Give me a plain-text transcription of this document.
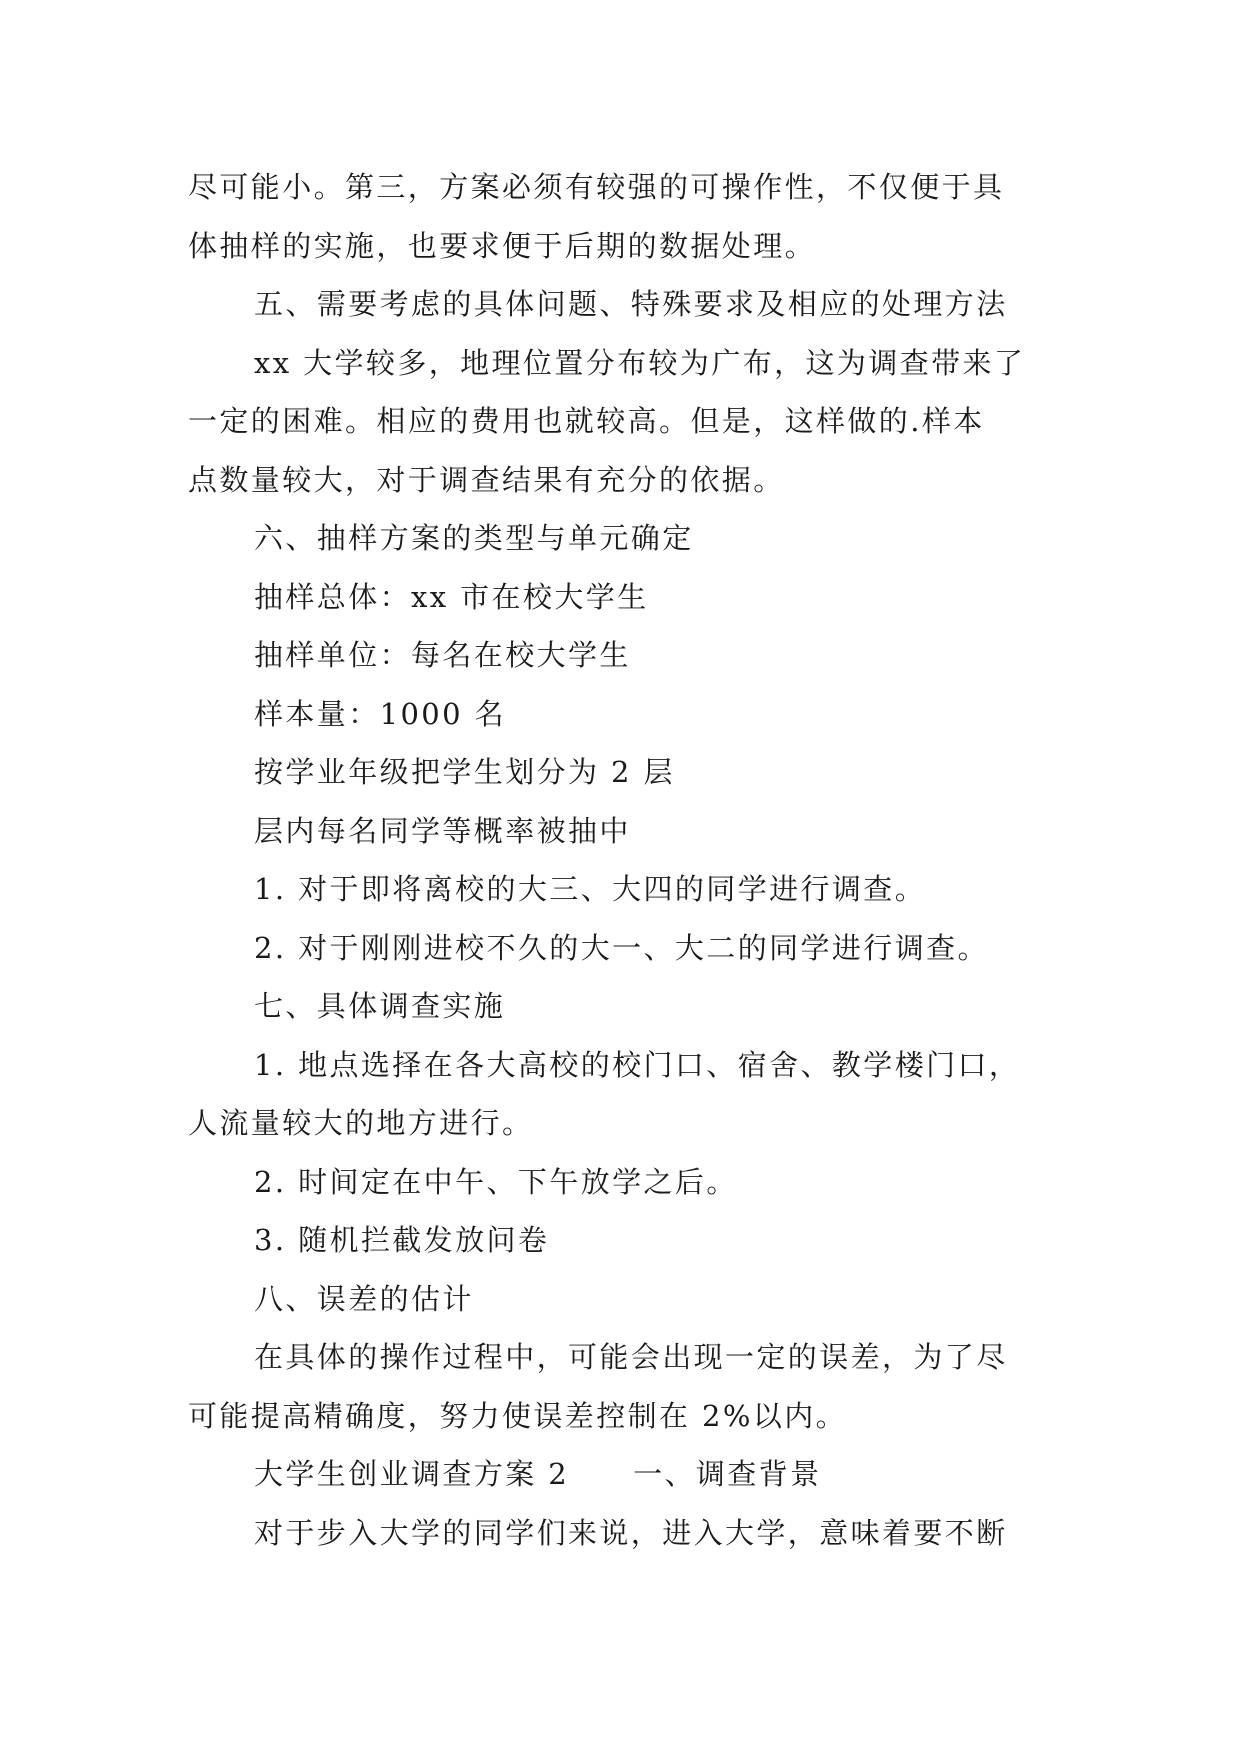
尽可能小。第三，方案必须有较强的可操作性，不仅便于具
体抽样的实施，也要求便于后期的数据处理。
五、需要考虑的具体问题、特殊要求及相应的处理方法
xx 大学较多，地理位置分布较为广布，这为调查带来了
一定的困难。相应的费用也就较高。但是，这样做的.样本
点数量较大，对于调查结果有充分的依据。
六、抽样方案的类型与单元确定
抽样总体：xx 市在校大学生
抽样单位：每名在校大学生
样本量：1000 名
按学业年级把学生划分为 2 层
层内每名同学等概率被抽中
1. 对于即将离校的大三、大四的同学进行调查。
2. 对于刚刚进校不久的大一、大二的同学进行调查。
七、具体调查实施
1. 地点选择在各大高校的校门口、宿舍、教学楼门口，
人流量较大的地方进行。
2. 时间定在中午、下午放学之后。
3. 随机拦截发放问卷
八、误差的估计
在具体的操作过程中，可能会出现一定的误差，为了尽
可能提高精确度，努力使误差控制在 2%以内。
大学生创业调查方案 2 一、调查背景
对于步入大学的同学们来说，进入大学，意味着要不断
